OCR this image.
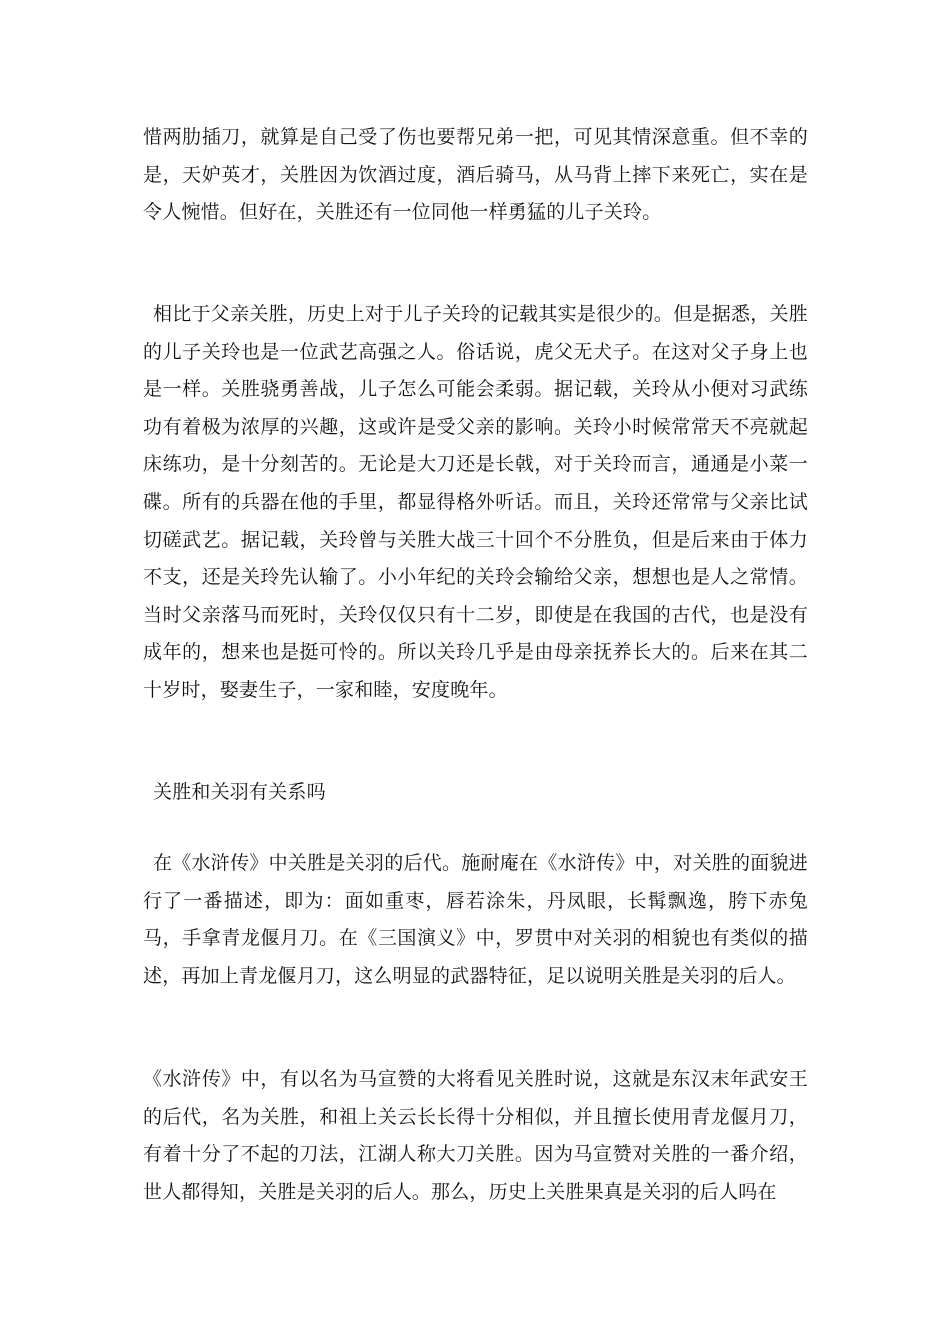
惜两肋插刀，就算是自己受了伤也要帮兄弟一把，可见其情深意重。但不幸的是，天妒英才，关胜因为饮酒过度，酒后骑马，从马背上摔下来死亡，实在是令人惋惜。但好在，关胜还有一位同他一样勇猛的儿子关玲。

相比于父亲关胜，历史上对于儿子关玲的记载其实是很少的。但是据悉，关胜的儿子关玲也是一位武艺高强之人。俗话说，虎父无犬子。在这对父子身上也是一样。关胜骁勇善战，儿子怎么可能会柔弱。据记载，关玲从小便对习武练功有着极为浓厚的兴趣，这或许是受父亲的影响。关玲小时候常常天不亮就起床练功，是十分刻苦的。无论是大刀还是长戟，对于关玲而言，通通是小菜一碟。所有的兵器在他的手里，都显得格外听话。而且，关玲还常常与父亲比试切磋武艺。据记载，关玲曾与关胜大战三十回个不分胜负，但是后来由于体力不支，还是关玲先认输了。小小年纪的关玲会输给父亲，想想也是人之常情。当时父亲落马而死时，关玲仅仅只有十二岁，即使是在我国的古代，也是没有成年的，想来也是挺可怜的。所以关玲几乎是由母亲抚养长大的。后来在其二十岁时，娶妻生子，一家和睦，安度晚年。

关胜和关羽有关系吗

在《水浒传》中关胜是关羽的后代。施耐庵在《水浒传》中，对关胜的面貌进行了一番描述，即为：面如重枣，唇若涂朱，丹凤眼，长髯飘逸，胯下赤兔马，手拿青龙偃月刀。在《三国演义》中，罗贯中对关羽的相貌也有类似的描述，再加上青龙偃月刀，这么明显的武器特征，足以说明关胜是关羽的后人。

《水浒传》中，有以名为马宣赞的大将看见关胜时说，这就是东汉末年武安王的后代，名为关胜，和祖上关云长长得十分相似，并且擅长使用青龙偃月刀，有着十分了不起的刀法，江湖人称大刀关胜。因为马宣赞对关胜的一番介绍，世人都得知，关胜是关羽的后人。那么，历史上关胜果真是关羽的后人吗在
